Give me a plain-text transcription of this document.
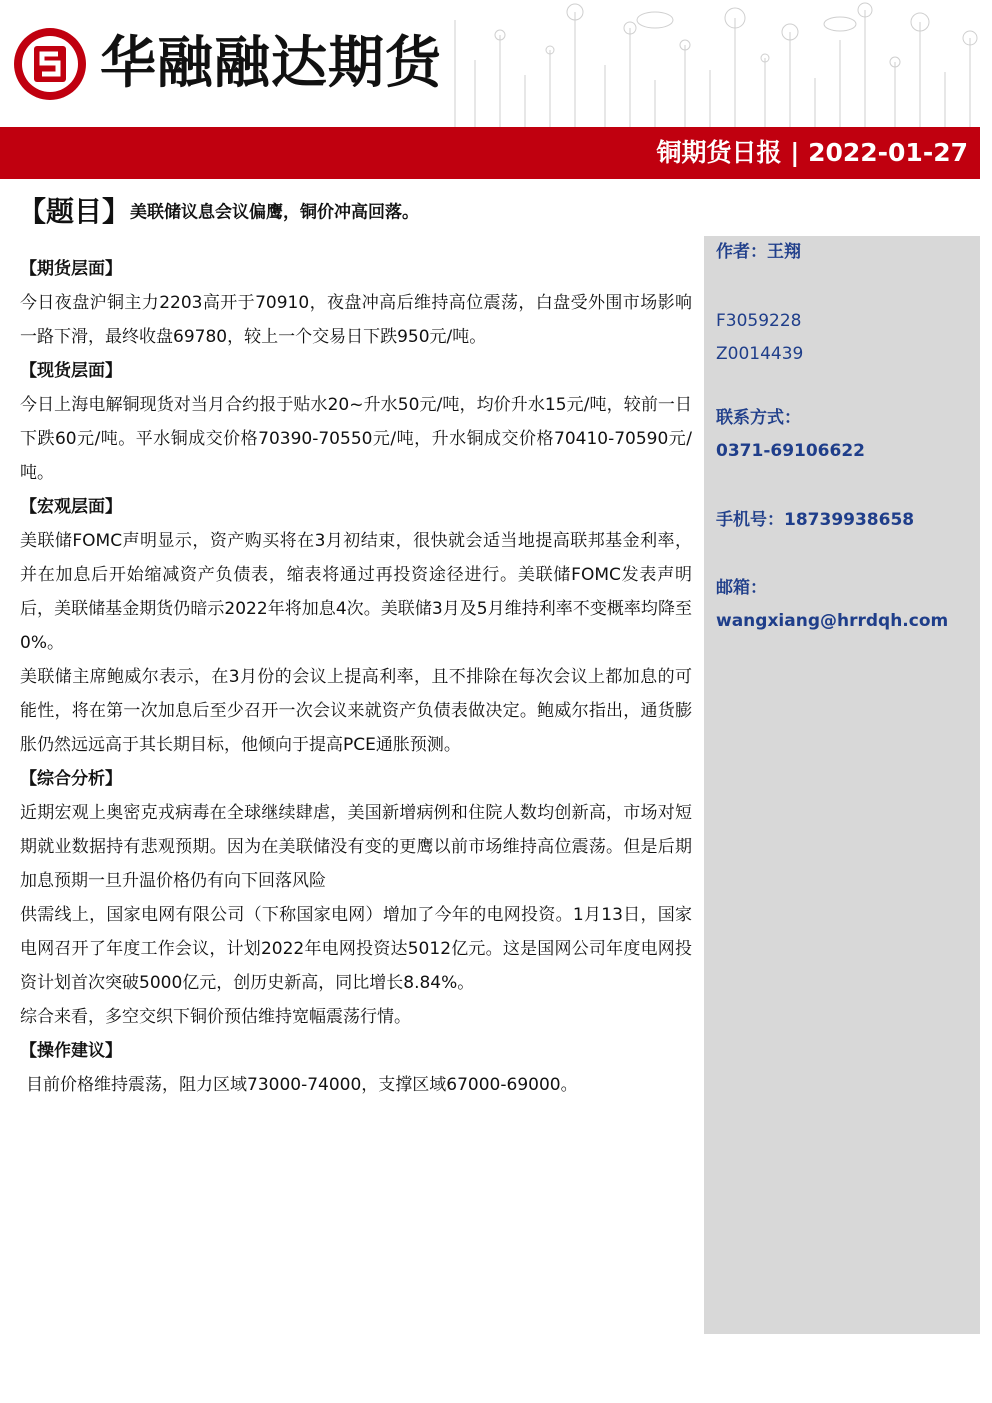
华融融达期货
铜期货日报 | 2022-01-27
【题目】美联储议息会议偏鹰，铜价冲高回落。
【期货层面】
今日夜盘沪铜主力2203高开于70910，夜盘冲高后维持高位震荡，白盘受外围市场影响一路下滑，最终收盘69780，较上一个交易日下跌950元/吨。
【现货层面】
今日上海电解铜现货对当月合约报于贴水20~升水50元/吨，均价升水15元/吨，较前一日下跌60元/吨。平水铜成交价格70390-70550元/吨，升水铜成交价格70410-70590元/吨。
【宏观层面】
美联储FOMC声明显示，资产购买将在3月初结束，很快就会适当地提高联邦基金利率，并在加息后开始缩减资产负债表，缩表将通过再投资途径进行。美联储FOMC发表声明后，美联储基金期货仍暗示2022年将加息4次。美联储3月及5月维持利率不变概率均降至0%。
美联储主席鲍威尔表示，在3月份的会议上提高利率，且不排除在每次会议上都加息的可能性，将在第一次加息后至少召开一次会议来就资产负债表做决定。鲍威尔指出，通货膨胀仍然远远高于其长期目标，他倾向于提高PCE通胀预测。
【综合分析】
近期宏观上奥密克戎病毒在全球继续肆虐，美国新增病例和住院人数均创新高，市场对短期就业数据持有悲观预期。因为在美联储没有变的更鹰以前市场维持高位震荡。但是后期加息预期一旦升温价格仍有向下回落风险
供需线上，国家电网有限公司（下称国家电网）增加了今年的电网投资。1月13日，国家电网召开了年度工作会议，计划2022年电网投资达5012亿元。这是国网公司年度电网投资计划首次突破5000亿元，创历史新高，同比增长8.84%。
综合来看，多空交织下铜价预估维持宽幅震荡行情。
【操作建议】
目前价格维持震荡，阻力区域73000-74000，支撑区域67000-69000。
作者：王翔
F3059228
Z0014439
联系方式：
0371-69106622
手机号：18739938658
邮箱：
wangxiang@hrrdqh.com
